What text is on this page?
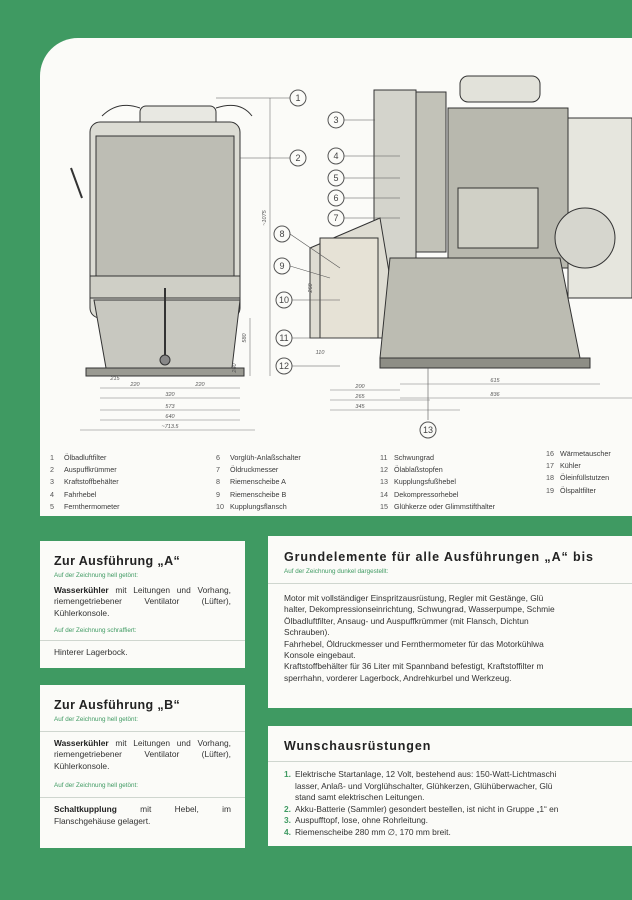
1
2
3
4
5
6
7
8
9
10
11
12
13
220	220
320
573
640
~713.5
215
200
265
345
615
836
~1075
580
110
260
280
1 Ölbadluftfilter
2 Auspuffkrümmer
3 Kraftstoffbehälter
4 Fahrhebel
5 Fernthermometer
6 Vorglüh-Anlaßschalter
7 Öldruckmesser
8 Riemenscheibe A
9 Riemenscheibe B
10 Kupplungsflansch
11 Schwungrad
12 Ölablaßstopfen
13 Kupplungsfußhebel
14 Dekompressorhebel
15 Glühkerze oder Glimmstifthalter
16 Wärmetauscher
17 Kühler
18 Öleinfüllstutzen
19 Ölspaltfilter
Zur Ausführung „A“
Auf der Zeichnung hell getönt:
Wasserkühler mit Leitungen und Vorhang, riemengetriebener Ventilator (Lüfter), Kühlerkonsole.
Auf der Zeichnung schraffiert:
Hinterer Lagerbock.
Zur Ausführung „B“
Auf der Zeichnung hell getönt:
Wasserkühler mit Leitungen und Vorhang, riemengetriebener Ventilator (Lüfter), Kühlerkonsole.
Auf der Zeichnung hell getönt:
Schaltkupplung mit Hebel, im Flanschgehäuse gelagert.
Grundelemente für alle Ausführungen „A“ bis
Auf der Zeichnung dunkel dargestellt:
Motor mit vollständiger Einspritzausrüstung, Regler mit Gestänge, Glü
halter, Dekompressionseinrichtung, Schwungrad, Wasserpumpe, Schmie
Ölbadluftfilter, Ansaug- und Auspuffkrümmer (mit Flansch, Dichtun
Schrauben).
Fahrhebel, Öldruckmesser und Fernthermometer für das Motorkühlwa
Konsole eingebaut.
Kraftstoffbehälter für 36 Liter mit Spannband befestigt, Kraftstoffilter m
sperrhahn, vorderer Lagerbock, Andrehkurbel und Werkzeug.
Wunschausrüstungen
1. Elektrische Startanlage, 12 Volt, bestehend aus: 150-Watt-Lichtmaschi
lasser, Anlaß- und Vorglühschalter, Glühkerzen, Glühüberwacher, Glü
stand samt elektrischen Leitungen.
2. Akku-Batterie (Sammler) gesondert bestellen, ist nicht in Gruppe „1“ en
3. Auspufftopf, lose, ohne Rohrleitung.
4. Riemenscheibe 280 mm ∅, 170 mm breit.
